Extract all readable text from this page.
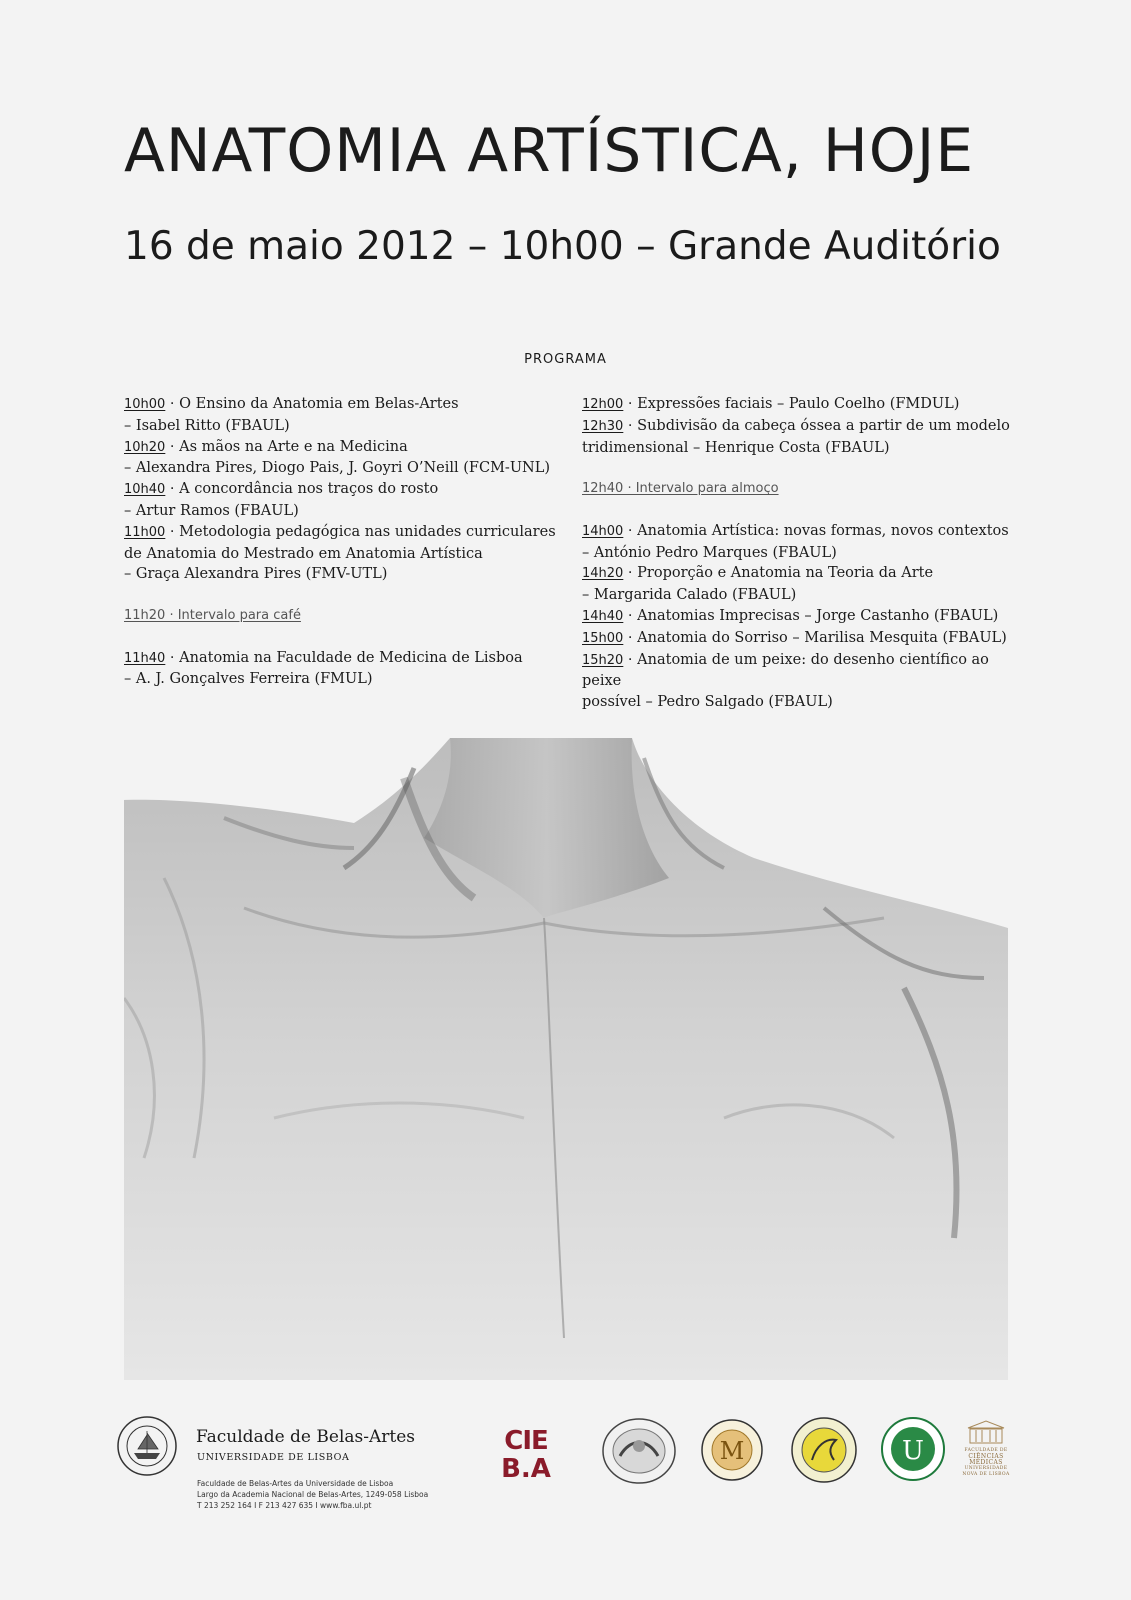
ANATOMIA ARTÍSTICA, HOJE
16 de maio 2012 – 10h00 – Grande Auditório
PROGRAMA
10h00 · O Ensino da Anatomia em Belas-Artes
– Isabel Ritto (FBAUL)
10h20 · As mãos na Arte e na Medicina
– Alexandra Pires, Diogo Pais, J. Goyri O’Neill (FCM-UNL)
10h40 · A concordância nos traços do rosto
– Artur Ramos (FBAUL)
11h00 · Metodologia pedagógica nas unidades curriculares
de Anatomia do Mestrado em Anatomia Artística
– Graça Alexandra Pires (FMV-UTL)
11h20 · Intervalo para café
11h40 · Anatomia na Faculdade de Medicina de Lisboa
– A. J. Gonçalves Ferreira (FMUL)
12h00 · Expressões faciais – Paulo Coelho (FMDUL)
12h30 · Subdivisão da cabeça óssea a partir de um modelo
tridimensional – Henrique Costa (FBAUL)
12h40 · Intervalo para almoço
14h00 · Anatomia Artística: novas formas, novos contextos
– António Pedro Marques (FBAUL)
14h20 · Proporção e Anatomia na Teoria da Arte
– Margarida Calado (FBAUL)
14h40 · Anatomias Imprecisas – Jorge Castanho (FBAUL)
15h00 · Anatomia do Sorriso – Marilisa Mesquita (FBAUL)
15h20 · Anatomia de um peixe: do desenho científico ao peixe
possível – Pedro Salgado (FBAUL)
Faculdade de Belas-Artes
UNIVERSIDADE DE LISBOA
Faculdade de Belas-Artes da Universidade de Lisboa
Largo da Academia Nacional de Belas-Artes, 1249-058 Lisboa
T 213 252 164 I F 213 427 635 I www.fba.ul.pt
CIE
B.A
M	U	FACULDADE DE
CIÊNCIAS
MÉDICAS
UNIVERSIDADE
NOVA DE LISBOA
